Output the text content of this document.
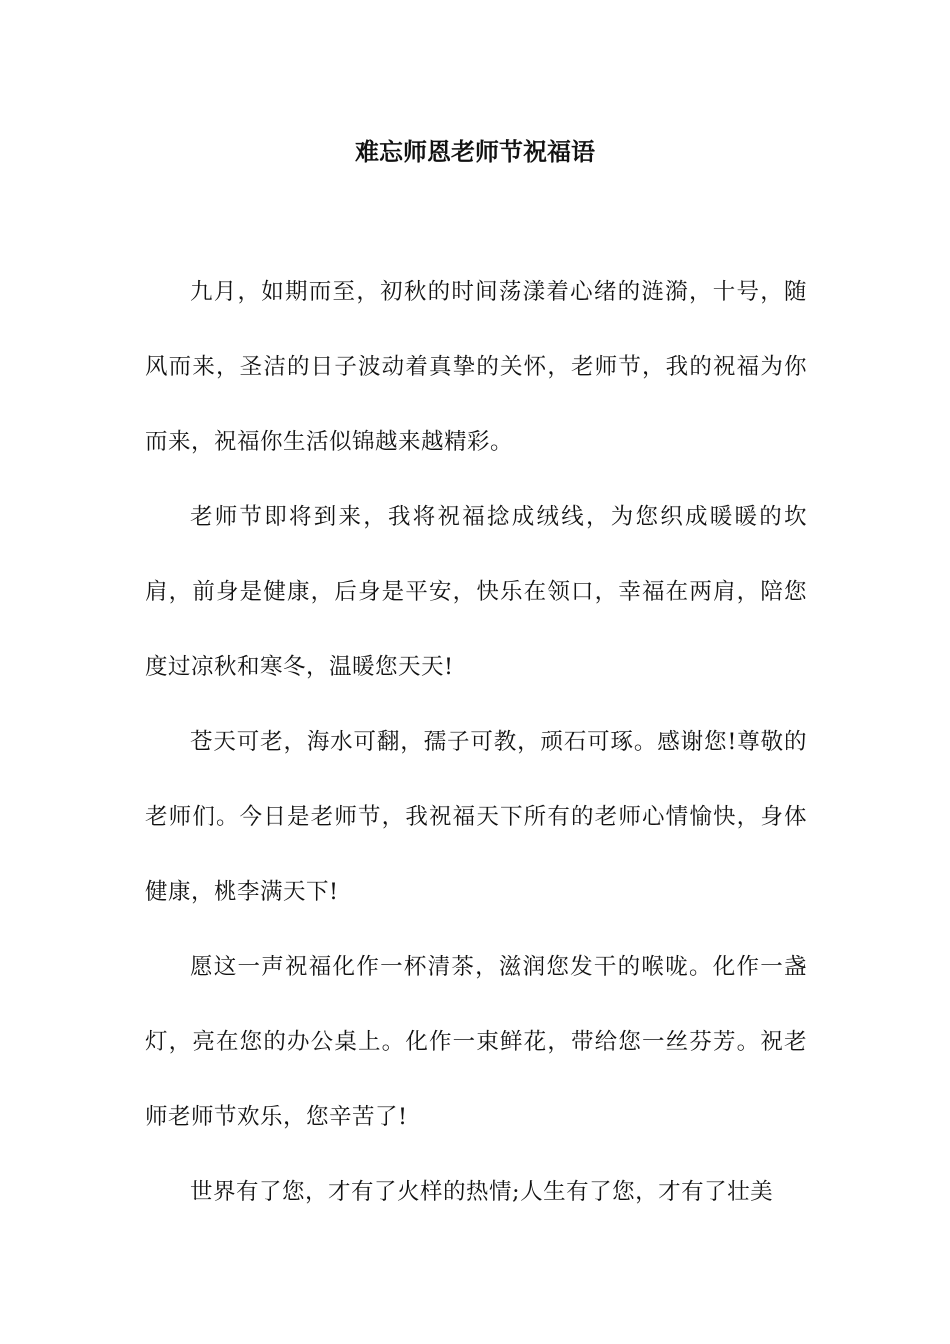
难忘师恩老师节祝福语

九月，如期而至，初秋的时间荡漾着心绪的涟漪，十号，随风而来，圣洁的日子波动着真挚的关怀，老师节，我的祝福为你而来，祝福你生活似锦越来越精彩。

老师节即将到来，我将祝福捻成绒线，为您织成暖暖的坎肩，前身是健康，后身是平安，快乐在领口，幸福在两肩，陪您度过凉秋和寒冬，温暖您天天!

苍天可老，海水可翻，孺子可教，顽石可琢。感谢您!尊敬的老师们。今日是老师节，我祝福天下所有的老师心情愉快，身体健康，桃李满天下!

愿这一声祝福化作一杯清茶，滋润您发干的喉咙。化作一盏灯，亮在您的办公桌上。化作一束鲜花，带给您一丝芬芳。祝老师老师节欢乐，您辛苦了!

世界有了您，才有了火样的热情;人生有了您，才有了壮美
